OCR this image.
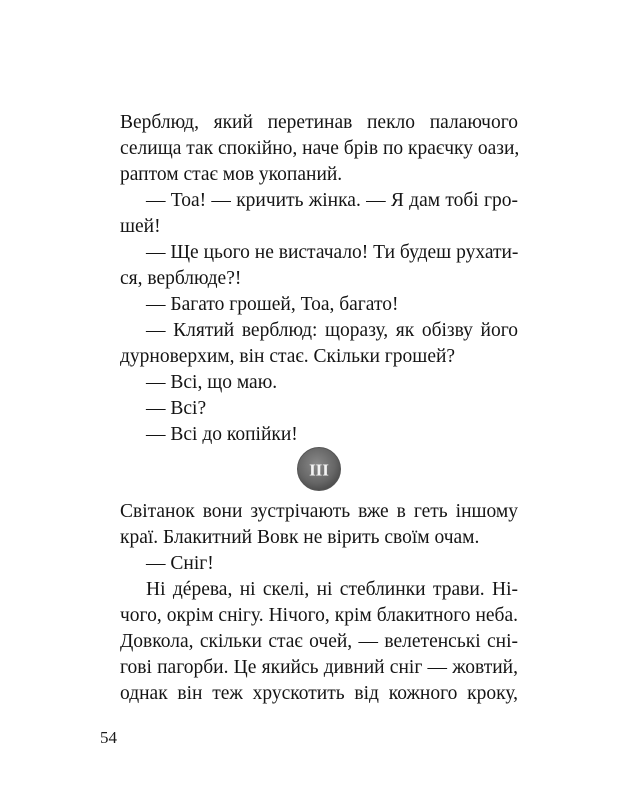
Верблюд, який перетинав пекло палаючого
селища так спокійно, наче брів по краєчку оази,
раптом стає мов укопаний.
— Тоа! — кричить жінка. — Я дам тобі гро-
шей!
— Ще цього не вистачало! Ти будеш рухати-
ся, верблюде?!
— Багато грошей, Тоа, багато!
— Клятий верблюд: щоразу, як обізву його
дурноверхим, він стає. Скільки грошей?
— Всі, що маю.
— Всі?
— Всі до копійки!
III
Світанок вони зустрічають вже в геть іншому
краї. Блакитний Вовк не вірить своїм очам.
— Сніг!
Ні дéрева, ні скелі, ні стеблинки трави. Ні-
чого, окрім снігу. Нічого, крім блакитного неба.
Довкола, скільки стає очей, — велетенські сні-
гові пагорби. Це якийсь дивний сніг — жовтий,
однак він теж хрускотить від кожного кроку,
54
